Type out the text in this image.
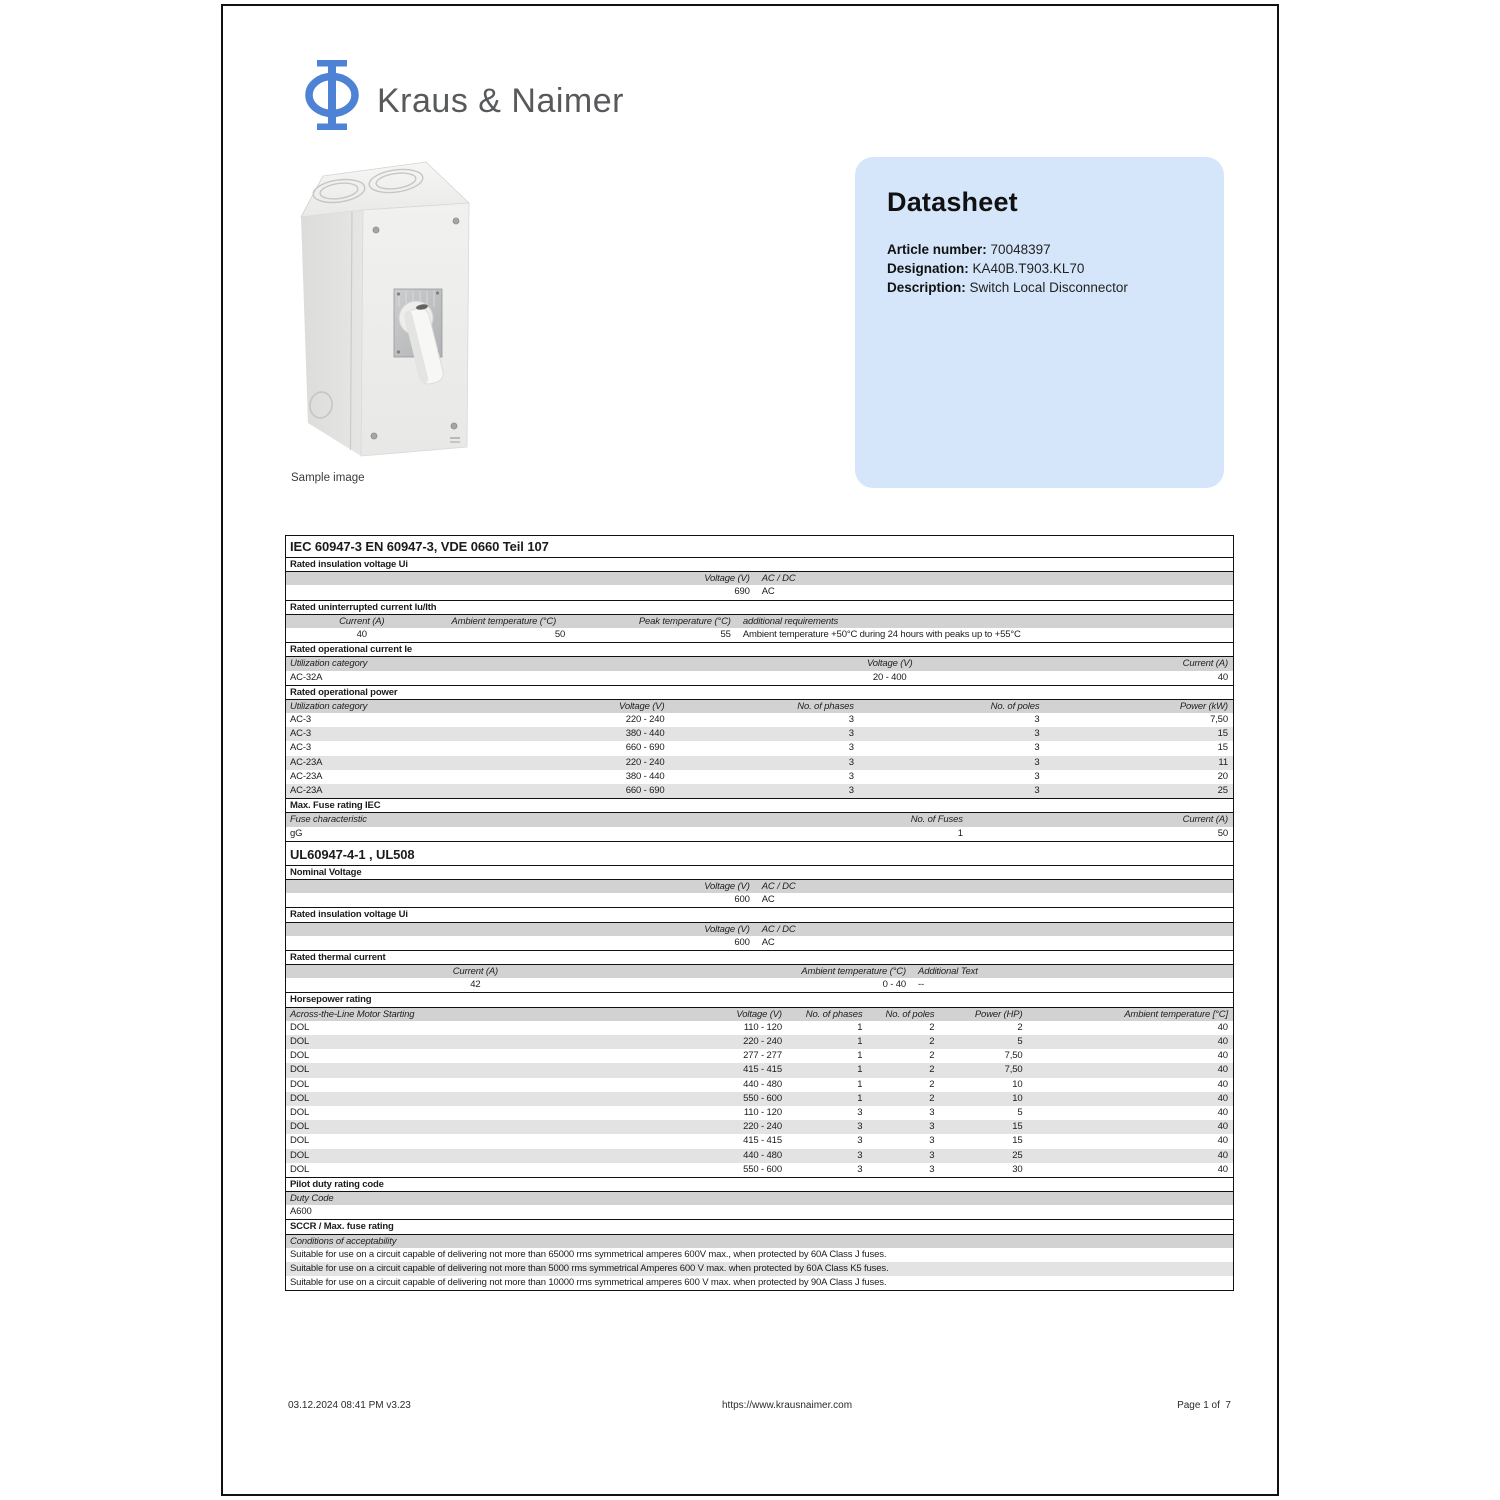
Kraus & Naimer
Sample image
Datasheet
Article number: 70048397
Designation: KA40B.T903.KL70
Description: Switch Local Disconnector
IEC 60947-3 EN 60947-3, VDE 0660 Teil 107
Rated insulation voltage Ui
Voltage (V)	AC / DC
690	AC
Rated uninterrupted current Iu/Ith
Current (A)	Ambient temperature (°C)	Peak temperature (°C)	additional requirements
40	50	55	Ambient temperature +50°C during 24 hours with peaks up to +55°C
Rated operational current Ie
Utilization category	Voltage (V)	Current (A)
AC-32A	20 - 400	40
Rated operational power
Utilization category	Voltage (V)	No. of phases	No. of poles	Power (kW)
AC-3	220 - 240	3	3	7,50
AC-3	380 - 440	3	3	15
AC-3	660 - 690	3	3	15
AC-23A	220 - 240	3	3	11
AC-23A	380 - 440	3	3	20
AC-23A	660 - 690	3	3	25
Max. Fuse rating IEC
Fuse characteristic	No. of Fuses	Current (A)
gG	1	50
UL60947-4-1 , UL508
Nominal Voltage
Voltage (V)	AC / DC
600	AC
Rated insulation voltage Ui
Voltage (V)	AC / DC
600	AC
Rated thermal current
Current (A)	Ambient temperature (°C)	Additional Text
42	0 - 40	--
Horsepower rating
Across-the-Line Motor Starting	Voltage (V)	No. of phases	No. of poles	Power (HP)	Ambient temperature [°C]
DOL	110 - 120	1	2	2	40
DOL	220 - 240	1	2	5	40
DOL	277 - 277	1	2	7,50	40
DOL	415 - 415	1	2	7,50	40
DOL	440 - 480	1	2	10	40
DOL	550 - 600	1	2	10	40
DOL	110 - 120	3	3	5	40
DOL	220 - 240	3	3	15	40
DOL	415 - 415	3	3	15	40
DOL	440 - 480	3	3	25	40
DOL	550 - 600	3	3	30	40
Pilot duty rating code
Duty Code
A600
SCCR / Max. fuse rating
Conditions of acceptability
Suitable for use on a circuit capable of delivering not more than 65000 rms symmetrical amperes 600V max., when protected by 60A Class J fuses.
Suitable for use on a circuit capable of delivering not more than 5000 rms symmetrical Amperes 600 V max. when protected by 60A Class K5 fuses.
Suitable for use on a circuit capable of delivering not more than 10000 rms symmetrical amperes 600 V max. when protected by 90A Class J fuses.
03.12.2024 08:41 PM v3.23	https://www.krausnaimer.com	Page 1 of  7
